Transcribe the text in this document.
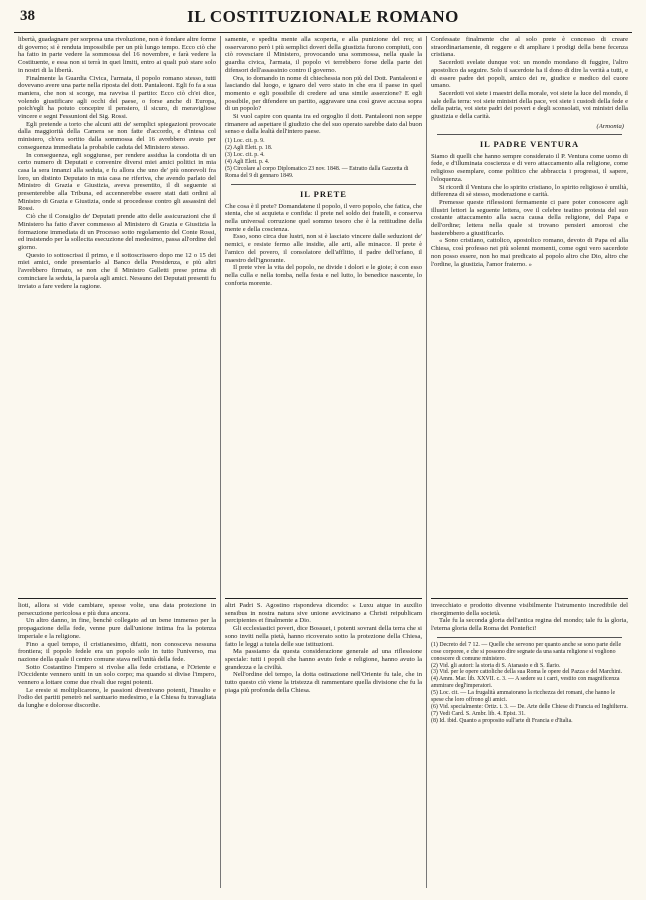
38	IL COSTITUZIONALE ROMANO

libertà, guadagnare per sorpresa una rivoluzione, non è fondare altre forme di governo; si è renduta impossibile per un più lungo tempo. Ecco ciò che ha fatto in parte vedere la sommossa del 16 novembre, e farà vedere la Costituente, e essa non si terrà in quei limiti, entro ai quali può stare solo in nostri di la libertà.

Finalmente la Guardia Civica, l'armata, il popolo romano stesso, tutti dovevano avere una parte nella riposta del dott. Pantaleoni. Egli fo fa a sua maniera, che non si scorge, ma ravvisa il partito: Ecco ciò ch'ei dice, volendo giustificare agli occhi del paese, o forse anche di Europa, poich'egli ha potuto concepire il pensiero, il sicuro, di meravigliose vincere e segni Fessunioni del Sig. Rossi.

Egli pretende a torto che alcuni atti de' semplici spiegazioni provocate dalla maggiorità della Camera se non fatte d'accordo, e d'intesa col ministero, ch'era sortito dalla sommossa del 16 avrebbero avuto per conseguenza immediata la probabile caduta del Ministero stesso.

In conseguenza, egli soggiunse, per rendere assidua la condotta di un certo numero di Deputati e convenire diversi miei amici politici in mia casa la sera innanzi alla seduta, e fu allora che uno de' più onorevoli fra loro, un distinto Deputato in mia casa ne riferiva, che avendo parlato del Ministro di Grazia e Giustizia, aveva presentito, il di seguente si presenterebbe alla Tribuna, ed accennerebbe essere stati dati ordini al Ministro di Grazia e Giustizia, onde si procedesse contro gli assassini del Rossi.

Ciò che il Consiglio de' Deputati prende atto delle assicurazioni che il Ministero ha fatto d'aver commesso al Ministero di Grazia e Giustizia la formazione immediata di un Processo sotto regolamento del Conte Rossi, ed insistendo per la sollecita esecuzione del medesimo, passa all'ordine del giorno.

Questo io sottoscrissi il primo, e il sottoscrissero dopo me 12 o 15 dei miei amici, onde presentarlo al Banco della Presidenza, e più altri l'avrebbero firmato, se non che il Ministro Galletti prese prima di cominciare la seduta, la parola agli amici. Nessuno dei Deputati presenti fu inviato a fare vedere la ragione.

samente, e spedita mente alla scoperta, e alla punizione del reo; si osservarono però i più semplici doveri della giustizia furono compiuti, con ciò rovesciare il Ministero, provocando una sommossa, nella quale la guardia civica, l'armata, il popolo vi terrebbero forse della parte dei difensori dell'assassinio contro il governo.

Ora, io domando in nome di chiechessia non più del Dott. Pantaleoni e lasciando dal luogo, e ignaro del vero stato in che era il paese in quel momento e egli possibile di credere ad una simile asserzione? E egli possibile, per difendere un partito, aggravare una così grave accusa sopra di un popolo?

Si vuol capire con quanta ira ed orgoglio il dott. Pantaleoni non seppe rimanere ad aspettare il giudizio che del suo operato sarebbe dato dal buon senso e dalla lealtà dell'intero paese.

(1) Loc. cit. p. 9.
(2) Agli Elett. p. 18.
(3) Loc. cit. p. 4.
(4) Agli Elett. p. 4.
(5) Circolare al corpo Diplomatico 23 nov. 1848. — Estratto dalla Gazzetta di Roma del 9 di gennaro 1849.
IL PRETE

Che cosa è il prete? Domandatene il popolo, il vero popolo, che fatica, che stenta, che si acquieta e confida: il prete nel soldo dei fratelli, e conserva nella universal corruzione quel sommo tesoro che è la rettitudine della mente e della coscienza.

Esso, sono circa due lustri, non si è lasciato vincere dalle seduzioni de' nemici, e resiste fermo alle insidie, alle arti, alle minacce. Il prete è l'amico del povero, il consolatore dell'afflitto, il padre dell'orfano, il maestro dell'ignorante.

Il prete vive la vita del popolo, ne divide i dolori e le gioie; è con esso nella culla e nella tomba, nella festa e nel lutto, lo benedice nascente, lo conforta morente.

Confessate finalmente che al solo prete è concesso di creare straordinariamente, di reggere e di ampliare i prodigi della bene fecenza cristiana.

Sacerdoti svelate dunque voi: un mondo mondano di fuggire, l'altro apostolico da seguire. Solo il sacerdote ha il dono di dire la verità a tutti, e di essere padre dei popoli, amico dei re, giudice e medico del cuore umano.

Sacerdoti voi siete i maestri della morale, voi siete la luce del mondo, il sale della terra: voi siete ministri della pace, voi siete i custodi della fede e della patria, voi siete padri dei poveri e degli sconsolati, voi ministri della giustizia e della carità.

(Armonia)
IL PADRE VENTURA

Siamo di quelli che hanno sempre considerato il P. Ventura come uomo di fede, e d'illuminata coscienza e di vero attaccamento alla religione, come religioso esemplare, come politico che abbraccia i progressi, il sapere, l'eloquenza.

Si ricordi il Ventura che lo spirito cristiano, lo spirito religioso è umiltà, differenza di sè stesso, moderazione e carità.

Premesse queste riflessioni fermamente ci pare poter conoscere agli illustri lettori la seguente lettera, ove il celebre teatino protesta del suo costante attaccamento alla sacra causa della religione, del Papa e dell'ordine; lettera nella quale si trovano pensieri amorosi che basterebbero a giustificarlo.

« Sono cristiano, cattolico, apostolico romano, devoto di Papa ed alla Chiesa, così professo nei più solenni momenti, come ogni vero sacerdote non posso essere, non ho mai predicato al popolo altro che Dio, altro che l'ordine, la giustizia, l'amor fraterno. »

lioti, allora si vide cambiare, spesse volte, una data protezione in persecuzione pericolosa e più dura ancora.

Un altro danno, in fine, benchè collegato ad un bene immenso per la propagazione della fede, venne pure dall'unione intima fra la potenza imperiale e la religione.

Fino a quel tempo, il cristianesimo, difatti, non conosceva nessuna frontiera; il popolo fedele era un popolo solo in tutto l'universo, ma nazione della quale il centro comune stava nell'unità della fede.

Sotto Costantino l'impero si rivolse alla fede cristiana, e l'Oriente e l'Occidente vennero uniti in un solo corpo; ma quando si divise l'impero, vennero a lottare come due rivali due regni potenti.

Le eresie si moltiplicarono, le passioni divenivano potenti, l'insulto e l'odio dei partiti penetrò nel santuario medesimo, e la Chiesa fu travagliata da lunghe e dolorose discordie.

altri Padri S. Agostino rispondeva dicendo: « Luxu atque in auxilio sensibus in nostra natura sive unione avvicinano a Christi reipublicam percipientes et finalmente a Dio.

Gli ecclesiastici poveri, dice Bossuet, i potenti sovrani della terra che si sono inviti nella pietà, hanno ricoverato sotto la protezione della Chiesa, fatto le leggi a tutela delle sue istituzioni.

Ma passiamo da questa considerazione generale ad una riflessione speciale: tutti i popoli che hanno avuto fede e religione, hanno avuto la grandezza e la civiltà.

Nell'ordine del tempo, la dotta ostinazione nell'Oriente fu tale, che in tutto questo ciò viene la tristezza di rammentare quella divisione che fu la piaga più profonda della Chiesa.

invecchiato e prodotto divenne visibilmente l'istrumento incredibile del risorgimento della società.

Tale fu la seconda gloria dell'antica regina del mondo; tale fu la gloria, l'eterna gloria della Roma dei Pontefici!

(1) Decreto del 7 12. — Quelle che servono per quanto anche se sono parte delle cose corporee, e che si possono dire segnate da una santa religione si vogliono conoscere di comune ministero.
(2) Vid. gli autori: la storia di S. Atanasio e di S. Ilario.
(3) Vid. per le opere cattoliche della sua Roma le opere del Pazza e del Marchini.
(4) Amm. Mar. lib. XXVII. c. 3. — A sedere su i carri, vestito con magnificenza ammirare degl'imperatori.
(5) Loc. cit. — La frugalità ammaiorano la ricchezza dei romani, che hanno le spese che loro offrono gli amici.
(6) Vid. specialmente: Ortiz. t. 3. — De. Arte delle Chiese di Francia ed Inghilterra.
(7) Vedi Card. S. Ambr. lib. 4. Epist. 31.
(8) Id. ibid. Quanto a proposito sull'arte di Francia e d'Italia.
